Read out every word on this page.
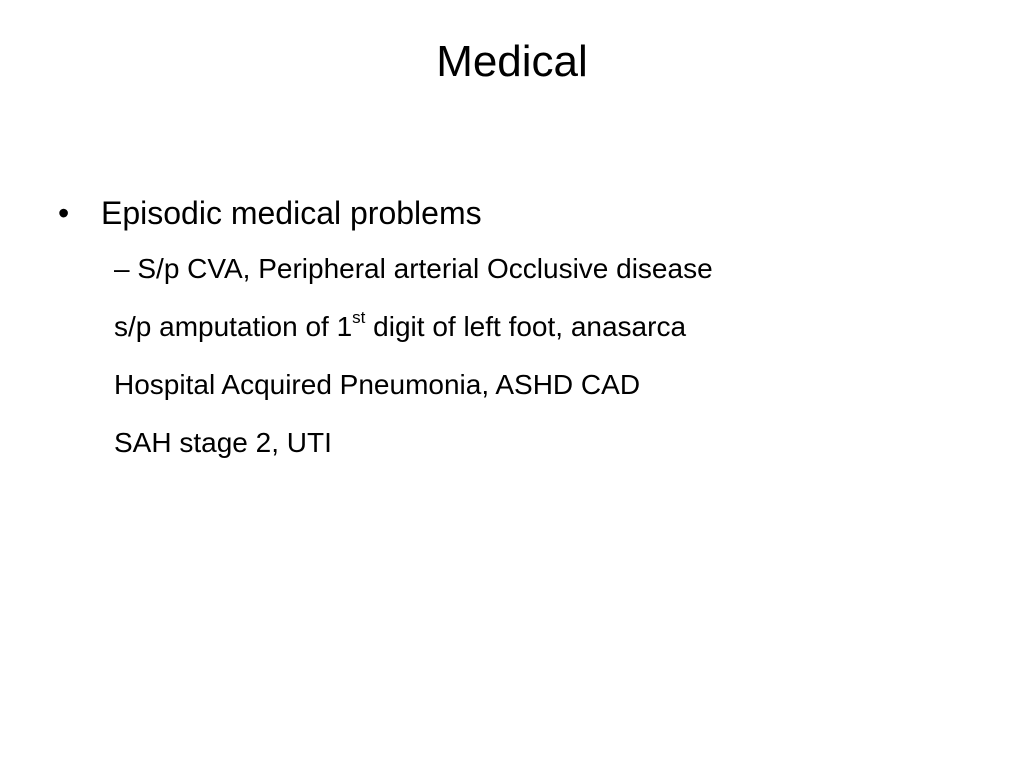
Medical
• Episodic medical problems
– S/p CVA, Peripheral arterial Occlusive disease
s/p amputation of 1st digit of left foot, anasarca
Hospital Acquired Pneumonia, ASHD CAD
SAH stage 2, UTI
